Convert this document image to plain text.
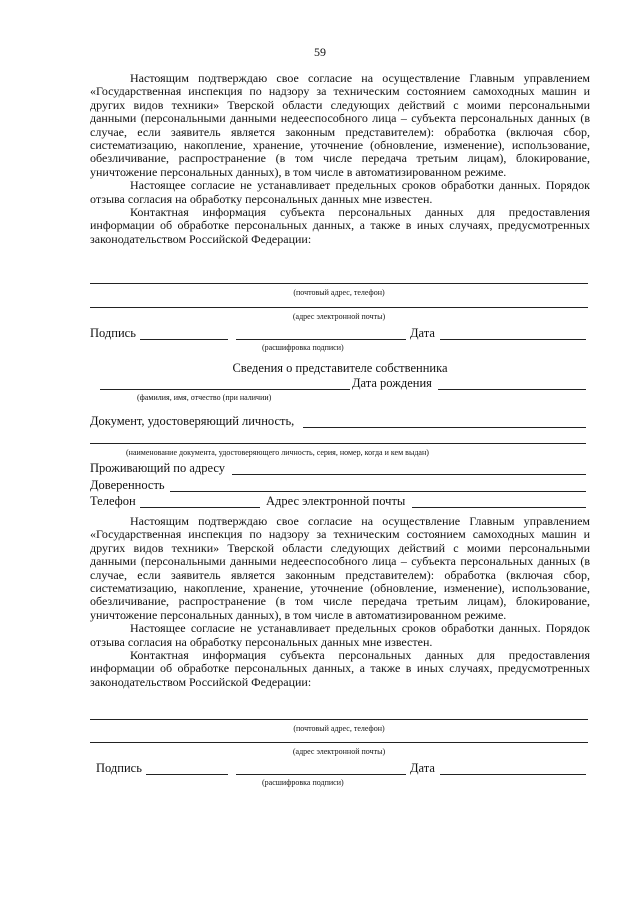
59

Настоящим подтверждаю свое согласие на осуществление Главным управлением «Государственная инспекция по надзору за техническим состоянием самоходных машин и других видов техники» Тверской области следующих действий с моими персональными данными (персональными данными недееспособного лица – субъекта персональных данных (в случае, если заявитель является законным представителем): обработка (включая сбор, систематизацию, накопление, хранение, уточнение (обновление, изменение), использование, обезличивание, распространение (в том числе передача третьим лицам), блокирование, уничтожение персональных данных), в том числе в автоматизированном режиме.

Настоящее согласие не устанавливает предельных сроков обработки данных. Порядок отзыва согласия на обработку персональных данных мне известен.

Контактная информация субъекта персональных данных для предоставления информации об обработке персональных данных, а также в иных случаях, предусмотренных законодательством Российской Федерации:

(почтовый адрес, телефон)
(адрес электронной почты)
Подпись	Дата
(расшифровка подписи)
Сведения о представителе собственника
Дата рождения
(фамилия, имя, отчество (при наличии)
Документ, удостоверяющий личность,
(наименование документа, удостоверяющего личность, серия, номер, когда и кем выдан)
Проживающий по адресу
Доверенность
Телефон	Адрес электронной почты

Настоящим подтверждаю свое согласие на осуществление Главным управлением «Государственная инспекция по надзору за техническим состоянием самоходных машин и других видов техники» Тверской области следующих действий с моими персональными данными (персональными данными недееспособного лица – субъекта персональных данных (в случае, если заявитель является законным представителем): обработка (включая сбор, систематизацию, накопление, хранение, уточнение (обновление, изменение), использование, обезличивание, распространение (в том числе передача третьим лицам), блокирование, уничтожение персональных данных), в том числе в автоматизированном режиме.

Настоящее согласие не устанавливает предельных сроков обработки данных. Порядок отзыва согласия на обработку персональных данных мне известен.

Контактная информация субъекта персональных данных для предоставления информации об обработке персональных данных, а также в иных случаях, предусмотренных законодательством Российской Федерации:

(почтовый адрес, телефон)
(адрес электронной почты)
Подпись	Дата
(расшифровка подписи)
